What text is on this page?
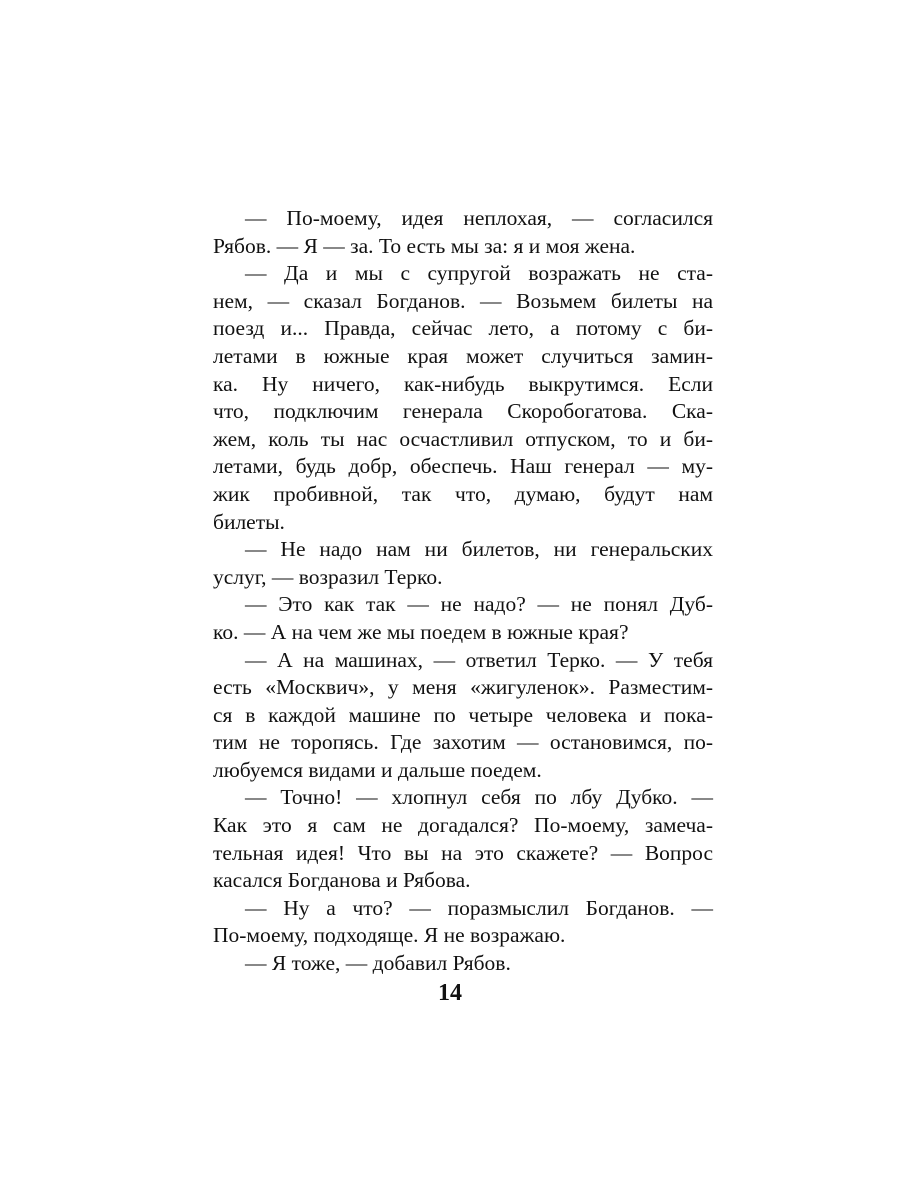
— По-моему, идея неплохая, — согласился
Рябов. — Я — за. То есть мы за: я и моя жена.
— Да и мы с супругой возражать не ста-
нем, — сказал Богданов. — Возьмем билеты на
поезд и... Правда, сейчас лето, а потому с би-
летами в южные края может случиться замин-
ка. Ну ничего, как-нибудь выкрутимся. Если
что, подключим генерала Скоробогатова. Ска-
жем, коль ты нас осчастливил отпуском, то и би-
летами, будь добр, обеспечь. Наш генерал — му-
жик пробивной, так что, думаю, будут нам
билеты.
— Не надо нам ни билетов, ни генеральских
услуг, — возразил Терко.
— Это как так — не надо? — не понял Дуб-
ко. — А на чем же мы поедем в южные края?
— А на машинах, — ответил Терко. — У тебя
есть «Москвич», у меня «жигуленок». Разместим-
ся в каждой машине по четыре человека и пока-
тим не торопясь. Где захотим — остановимся, по-
любуемся видами и дальше поедем.
— Точно! — хлопнул себя по лбу Дубко. —
Как это я сам не догадался? По-моему, замеча-
тельная идея! Что вы на это скажете? — Вопрос
касался Богданова и Рябова.
— Ну а что? — поразмыслил Богданов. —
По-моему, подходяще. Я не возражаю.
— Я тоже, — добавил Рябов.
14
